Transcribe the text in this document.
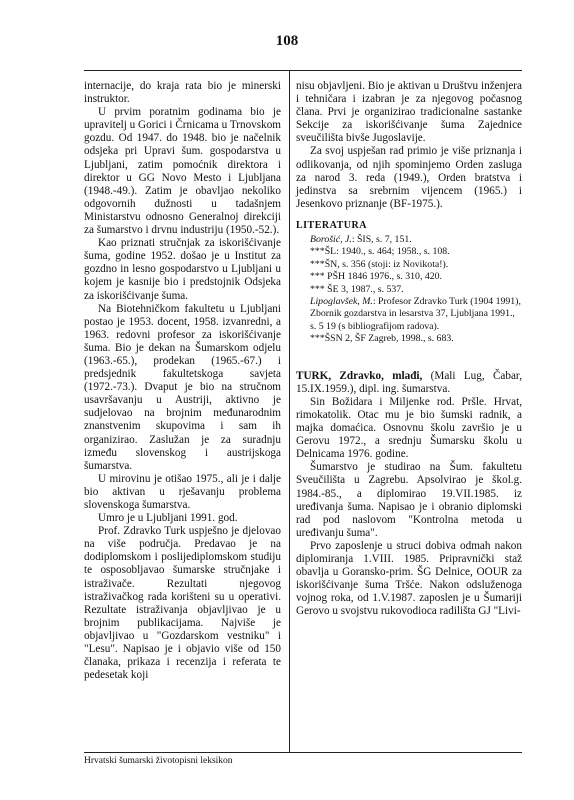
108

internacije, do kraja rata bio je minerski instruktor.

U prvim poratnim godinama bio je upravitelj u Gorici i Črnicama u Trnovskom gozdu. Od 1947. do 1948. bio je načelnik odsjeka pri Upravi šum. gospodarstva u Ljubljani, zatim pomoćnik direktora i direktor u GG Novo Mesto i Ljubljana (1948.-49.). Zatim je obavljao nekoliko odgovornih dužnosti u tadašnjem Ministarstvu odnosno Generalnoj direkciji za šumarstvo i drvnu industriju (1950.-52.).

Kao priznati stručnjak za iskorišćivanje šuma, godine 1952. došao je u Institut za gozdno in lesno gospodarstvo u Ljubljani u kojem je kasnije bio i predstojnik Odsjeka za iskorišćivanje šuma.

Na Biotehničkom fakultetu u Ljubljani postao je 1953. docent, 1958. izvanredni, a 1963. redovni profesor za iskorišćivanje šuma. Bio je dekan na Šumarskom odjelu (1963.-65.), prodekan (1965.-67.) i predsjednik fakultetskoga savjeta (1972.-73.). Dvaput je bio na stručnom usavršavanju u Austriji, aktivno je sudjelovao na brojnim međunarodnim znanstvenim skupovima i sam ih organizirao. Zaslužan je za suradnju između slovenskog i austrijskoga šumarstva.

U mirovinu je otišao 1975., ali je i dalje bio aktivan u rješavanju problema slovenskoga šumarstva.

Umro je u Ljubljani 1991. god.

Prof. Zdravko Turk uspješno je djelovao na više područja. Predavao je na dodiplomskom i poslijediplomskom studiju te osposobljavao šumarske stručnjake i istraživače. Rezultati njegovog istraživačkog rada korišteni su u operativi. Rezultate istraživanja objavljivao je u brojnim publikacijama. Najviše je objavljivao u "Gozdarskom vestniku" i "Lesu". Napisao je i objavio više od 150 članaka, prikaza i recenzija i referata te pedesetak koji

nisu objavljeni. Bio je aktivan u Društvu inženjera i tehničara i izabran je za njegovog počasnog člana. Prvi je organizirao tradicionalne sastanke Sekcije za iskorišćivanje šuma Zajednice sveučilišta bivše Jugoslavije.

Za svoj uspješan rad primio je više priznanja i odlikovanja, od njih spominjemo Orden zasluga za narod 3. reda (1949.), Orden bratstva i jedinstva sa srebrnim vijencem (1965.) i Jesenkovo priznanje (BF-1975.).

LITERATURA

Borošić, J.: ŠIS, s. 7, 151.

***ŠL: 1940., s. 464; 1958., s. 108.

***ŠN, s. 356 (stoji: iz Novikota!).

*** PŠH 1846 1976., s. 310, 420.

*** ŠE 3, 1987., s. 537.

Lipoglavšek, M.: Profesor Zdravko Turk (1904 1991), Zbornik gozdarstva in lesarstva 37, Ljubljana 1991., s. 5 19 (s bibliografijom radova).

***ŠSN 2, ŠF Zagreb, 1998., s. 683.

TURK, Zdravko, mlađi, (Mali Lug, Čabar, 15.IX.1959.), dipl. ing. šumarstva.

Sin Božidara i Miljenke rod. Pršle. Hrvat, rimokatolik. Otac mu je bio šumski radnik, a majka domaćica. Osnovnu školu završio je u Gerovu 1972., a srednju Šumarsku školu u Delnicama 1976. godine.

Šumarstvo je studirao na Šum. fakultetu Sveučilišta u Zagrebu. Apsolvirao je škol.g. 1984.-85., a diplomirao 19.VII.1985. iz uređivanja šuma. Napisao je i obranio diplomski rad pod naslovom "Kontrolna metoda u uređivanju šuma".

Prvo zaposlenje u struci dobiva odmah nakon diplomiranja 1.VIII. 1985. Pripravnički staž obavlja u Goransko-prim. ŠG Delnice, OOUR za iskorišćivanje šuma Tršće. Nakon odsluženoga vojnog roka, od 1.V.1987. zaposlen je u Šumariji Gerovo u svojstvu rukovodioca radilišta GJ "Livi-

Hrvatski šumarski životopisni leksikon
